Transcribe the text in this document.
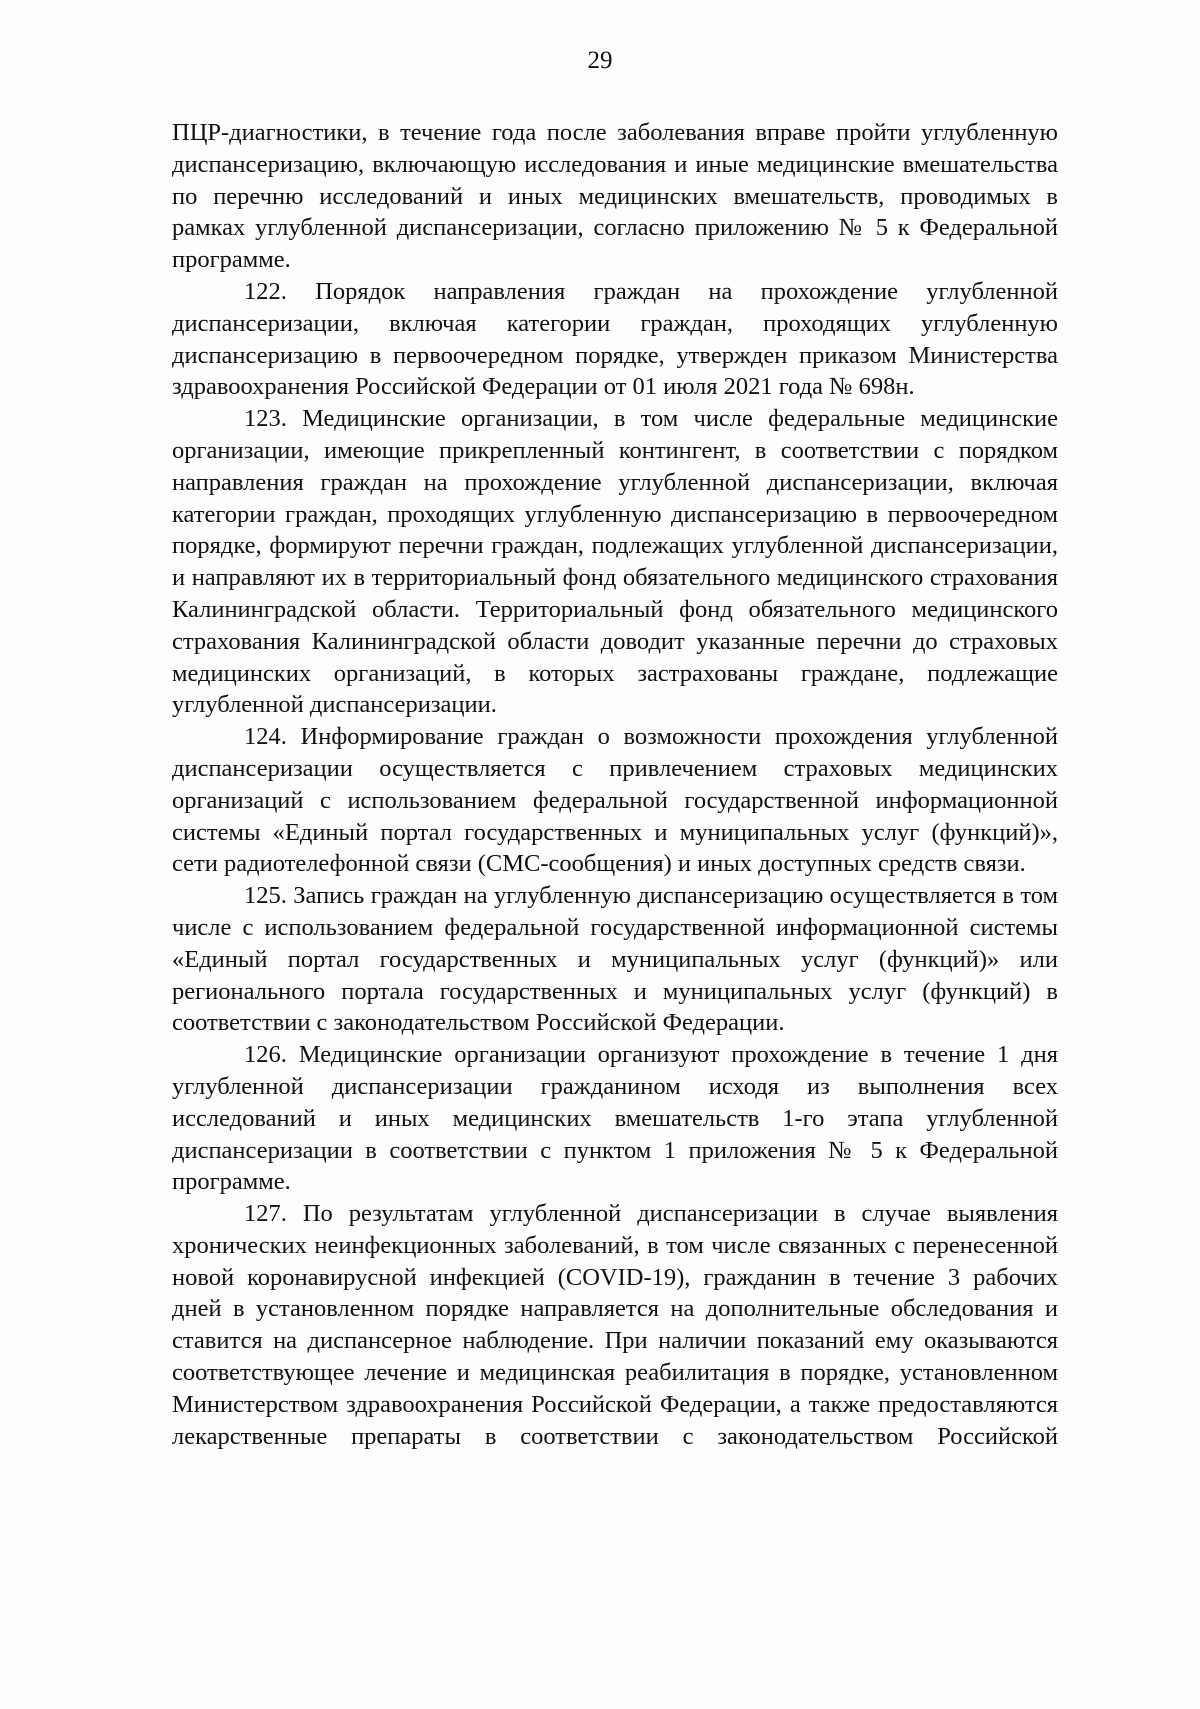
29

ПЦР-диагностики, в течение года после заболевания вправе пройти углубленную диспансеризацию, включающую исследования и иные медицинские вмешательства по перечню исследований и иных медицинских вмешательств, проводимых в рамках углубленной диспансеризации, согласно приложению № 5 к Федеральной программе.

122. Порядок направления граждан на прохождение углубленной диспансеризации, включая категории граждан, проходящих углубленную диспансеризацию в первоочередном порядке, утвержден приказом Министерства здравоохранения Российской Федерации от 01 июля 2021 года № 698н.

123. Медицинские организации, в том числе федеральные медицинские организации, имеющие прикрепленный контингент, в соответствии с порядком направления граждан на прохождение углубленной диспансеризации, включая категории граждан, проходящих углубленную диспансеризацию в первоочередном порядке, формируют перечни граждан, подлежащих углубленной диспансеризации, и направляют их в территориальный фонд обязательного медицинского страхования Калининградской области. Территориальный фонд обязательного медицинского страхования Калининградской области доводит указанные перечни до страховых медицинских организаций, в которых застрахованы граждане, подлежащие углубленной диспансеризации.

124. Информирование граждан о возможности прохождения углубленной диспансеризации осуществляется с привлечением страховых медицинских организаций с использованием федеральной государственной информационной системы «Единый портал государственных и муниципальных услуг (функций)», сети радиотелефонной связи (СМС-сообщения) и иных доступных средств связи.

125. Запись граждан на углубленную диспансеризацию осуществляется в том числе с использованием федеральной государственной информационной системы «Единый портал государственных и муниципальных услуг (функций)» или регионального портала государственных и муниципальных услуг (функций) в соответствии с законодательством Российской Федерации.

126. Медицинские организации организуют прохождение в течение 1 дня углубленной диспансеризации гражданином исходя из выполнения всех исследований и иных медицинских вмешательств 1-го этапа углубленной диспансеризации в соответствии с пунктом 1 приложения № 5 к Федеральной программе.

127. По результатам углубленной диспансеризации в случае выявления хронических неинфекционных заболеваний, в том числе связанных с перенесенной новой коронавирусной инфекцией (COVID-19), гражданин в течение 3 рабочих дней в установленном порядке направляется на дополнительные обследования и ставится на диспансерное наблюдение. При наличии показаний ему оказываются соответствующее лечение и медицинская реабилитация в порядке, установленном Министерством здравоохранения Российской Федерации, а также предоставляются лекарственные препараты в соответствии с законодательством Российской
